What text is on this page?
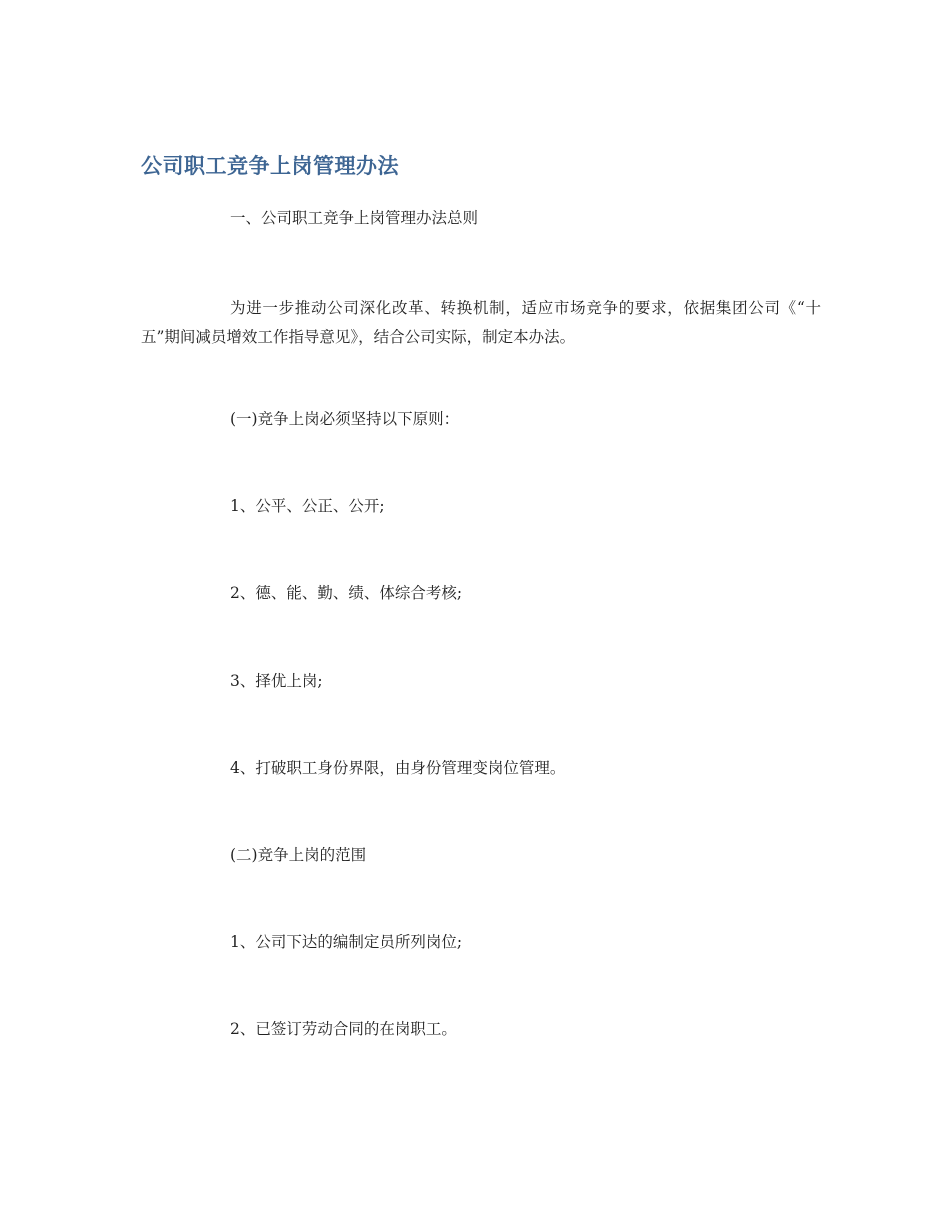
公司职工竞争上岗管理办法
一、公司职工竞争上岗管理办法总则
为进一步推动公司深化改革、转换机制，适应市场竞争的要求，依据集团公司《“十五”期间减员增效工作指导意见》，结合公司实际，制定本办法。
(一)竞争上岗必须坚持以下原则：
1、公平、公正、公开;
2、德、能、勤、绩、体综合考核;
3、择优上岗;
4、打破职工身份界限，由身份管理变岗位管理。
(二)竞争上岗的范围
1、公司下达的编制定员所列岗位;
2、已签订劳动合同的在岗职工。
